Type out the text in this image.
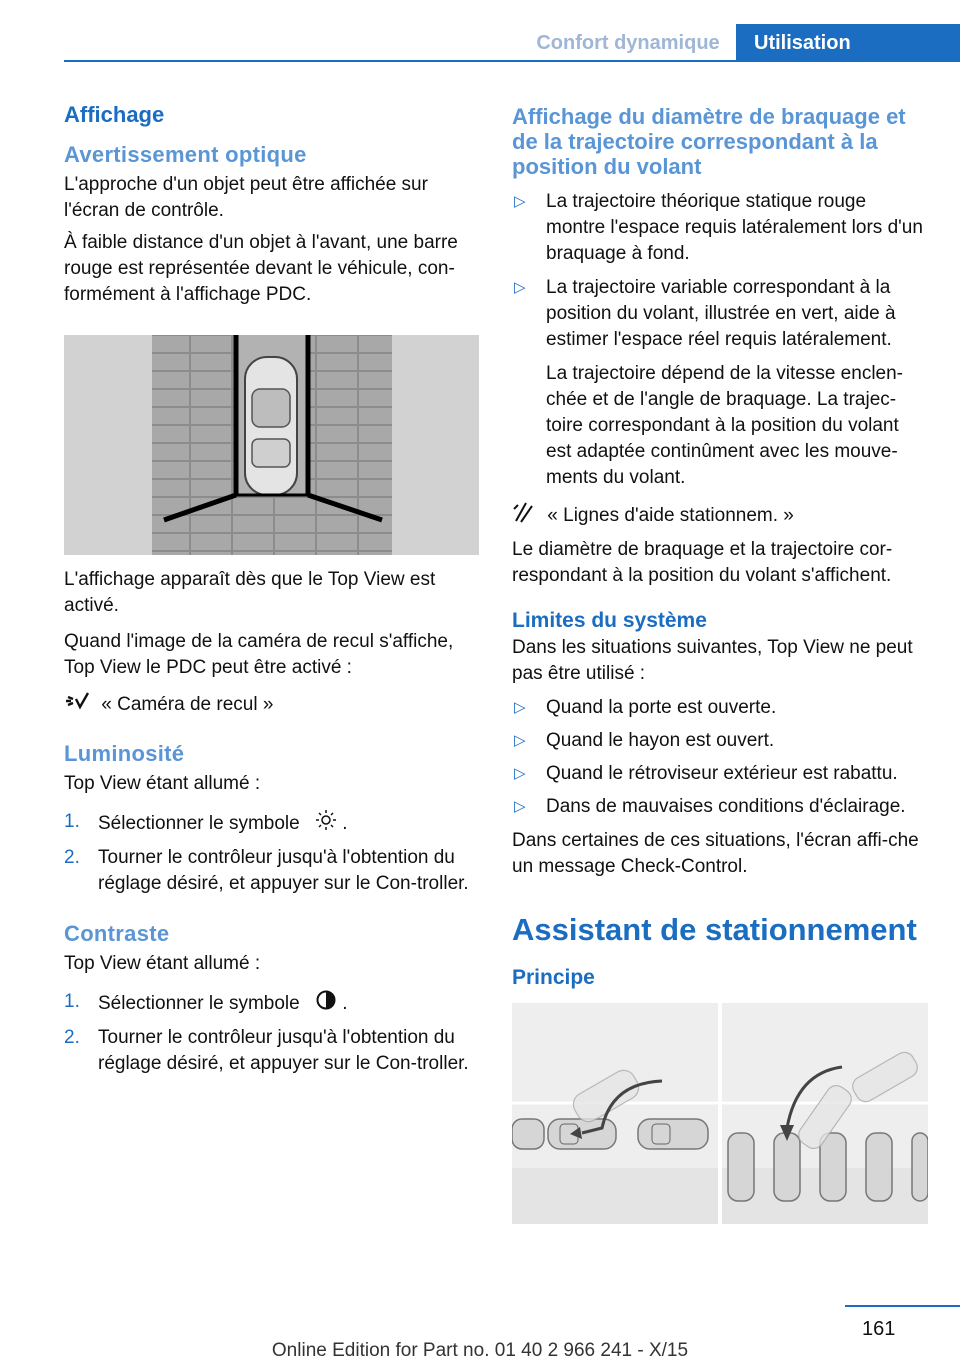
Confort dynamique	Utilisation
Affichage
Avertissement optique

L'approche d'un objet peut être affichée sur l'écran de contrôle.

À faible distance d'un objet à l'avant, une barre rouge est représentée devant le véhicule, con-formément à l'affichage PDC.

L'affichage apparaît dès que le Top View est activé.

Quand l'image de la caméra de recul s'affiche, Top View le PDC peut être activé :

« Caméra de recul »

Luminosité

Top View étant allumé :

1. Sélectionner le symbole  .
2. Tourner le contrôleur jusqu'à l'obtention du réglage désiré, et appuyer sur le Con-troller.
Contraste

Top View étant allumé :

1. Sélectionner le symbole  .
2. Tourner le contrôleur jusqu'à l'obtention du réglage désiré, et appuyer sur le Con-troller.
Affichage du diamètre de braquage et de la trajectoire correspondant à la position du volant
▷ La trajectoire théorique statique rouge montre l'espace requis latéralement lors d'un braquage à fond.
▷ La trajectoire variable correspondant à la position du volant, illustrée en vert, aide à estimer l'espace réel requis latéralement.
La trajectoire dépend de la vitesse enclen-chée et de l'angle de braquage. La trajec-toire correspondant à la position du volant est adaptée continûment avec les mouve-ments du volant.

« Lignes d'aide stationnem. »

Le diamètre de braquage et la trajectoire cor-respondant à la position du volant s'affichent.

Limites du système

Dans les situations suivantes, Top View ne peut pas être utilisé :

▷ Quand la porte est ouverte.
▷ Quand le hayon est ouvert.
▷ Quand le rétroviseur extérieur est rabattu.
▷ Dans de mauvaises conditions d'éclairage.

Dans certaines de ces situations, l'écran affi-che un message Check-Control.

Assistant de stationnement
Principe
161
Online Edition for Part no. 01 40 2 966 241 - X/15
